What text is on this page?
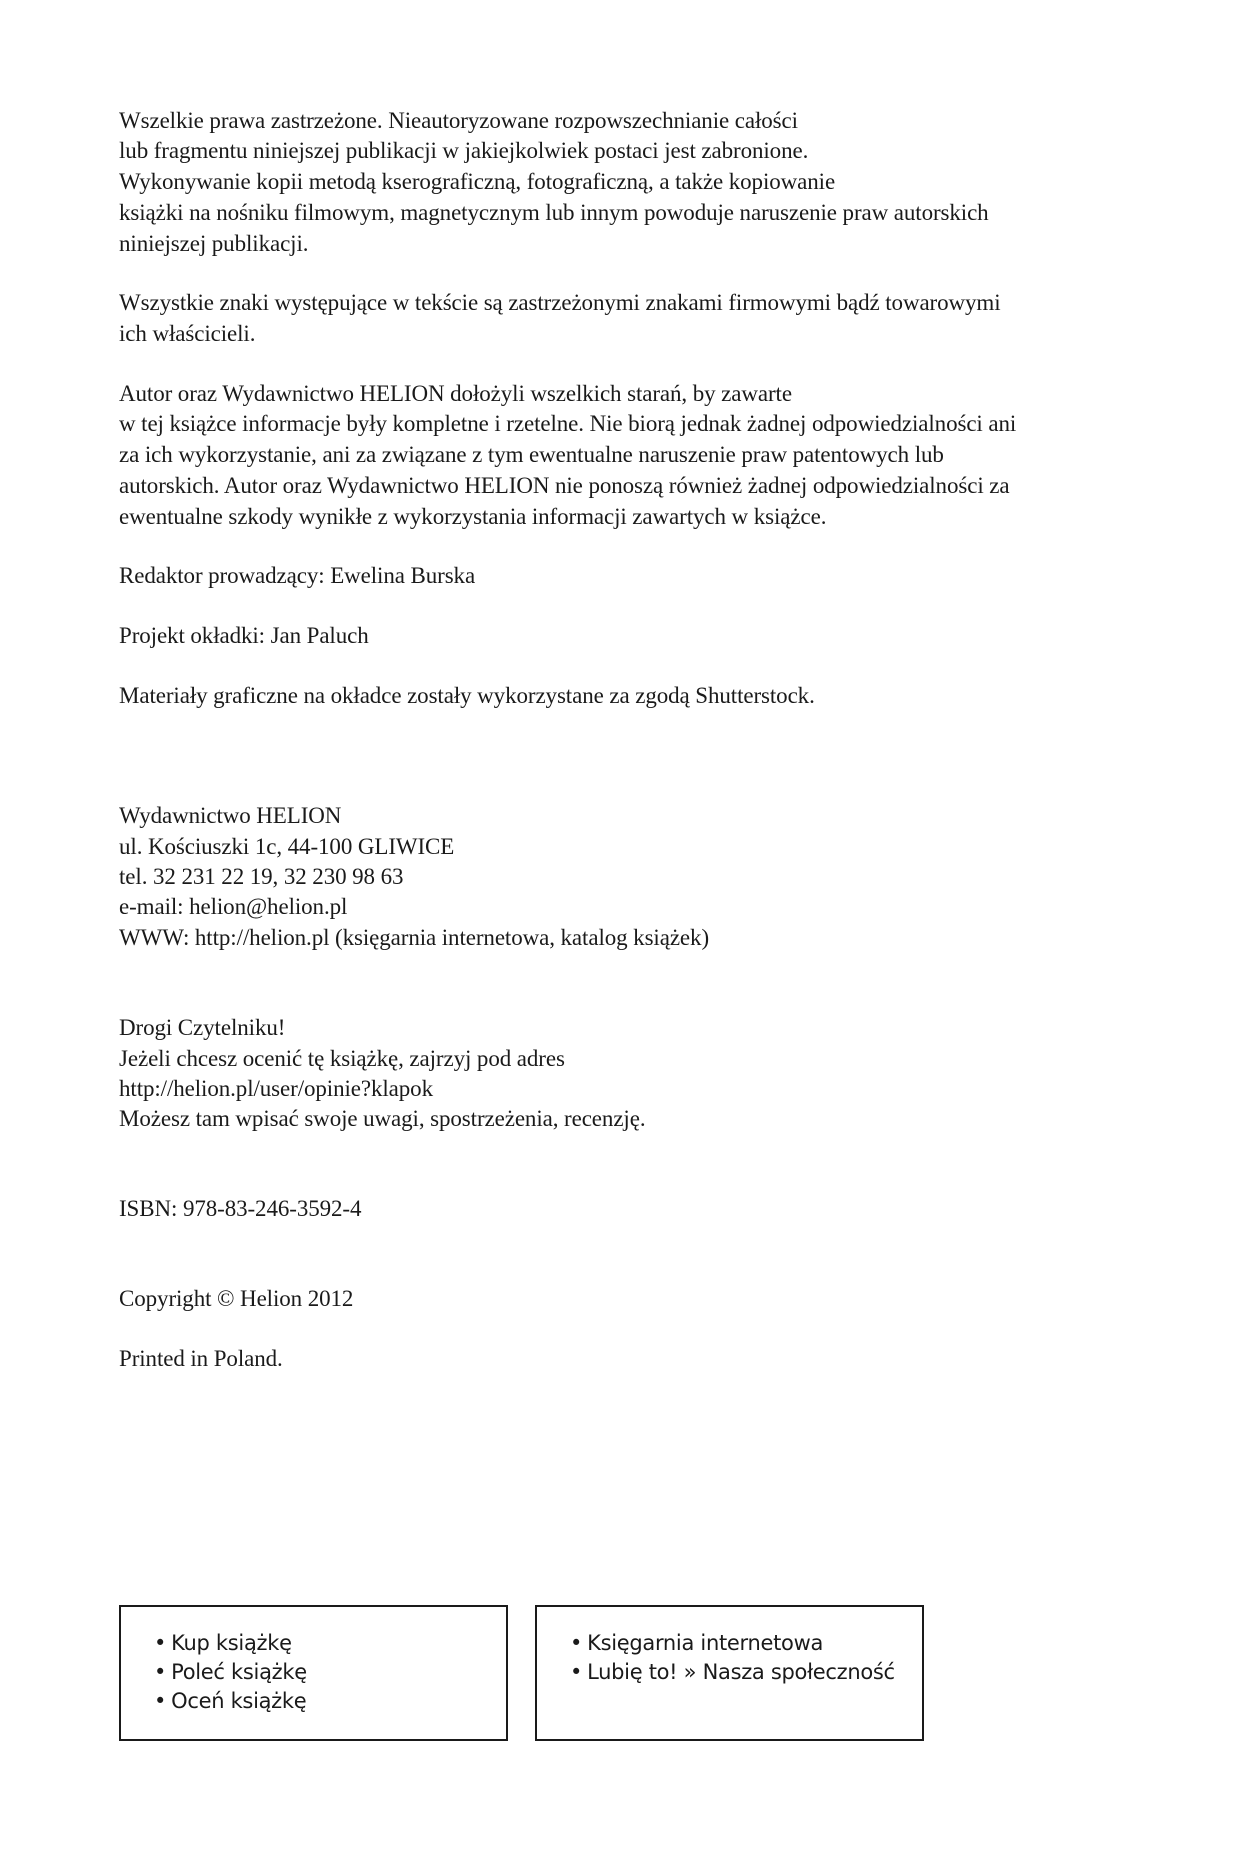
Wszelkie prawa zastrzeżone. Nieautoryzowane rozpowszechnianie całości
lub fragmentu niniejszej publikacji w jakiejkolwiek postaci jest zabronione.
Wykonywanie kopii metodą kserograficzną, fotograficzną, a także kopiowanie
książki na nośniku filmowym, magnetycznym lub innym powoduje naruszenie praw autorskich
niniejszej publikacji.
Wszystkie znaki występujące w tekście są zastrzeżonymi znakami firmowymi bądź towarowymi
ich właścicieli.
Autor oraz Wydawnictwo HELION dołożyli wszelkich starań, by zawarte
w tej książce informacje były kompletne i rzetelne. Nie biorą jednak żadnej odpowiedzialności ani
za ich wykorzystanie, ani za związane z tym ewentualne naruszenie praw patentowych lub
autorskich. Autor oraz Wydawnictwo HELION nie ponoszą również żadnej odpowiedzialności za
ewentualne szkody wynikłe z wykorzystania informacji zawartych w książce.
Redaktor prowadzący: Ewelina Burska
Projekt okładki: Jan Paluch
Materiały graficzne na okładce zostały wykorzystane za zgodą Shutterstock.
Wydawnictwo HELION
ul. Kościuszki 1c, 44-100 GLIWICE
tel. 32 231 22 19, 32 230 98 63
e-mail: helion@helion.pl
WWW: http://helion.pl (księgarnia internetowa, katalog książek)
Drogi Czytelniku!
Jeżeli chcesz ocenić tę książkę, zajrzyj pod adres
http://helion.pl/user/opinie?klapok
Możesz tam wpisać swoje uwagi, spostrzeżenia, recenzję.
ISBN: 978-83-246-3592-4
Copyright © Helion 2012
Printed in Poland.
• Kup książkę
• Poleć książkę
• Oceń książkę
• Księgarnia internetowa
• Lubię to! » Nasza społeczność
